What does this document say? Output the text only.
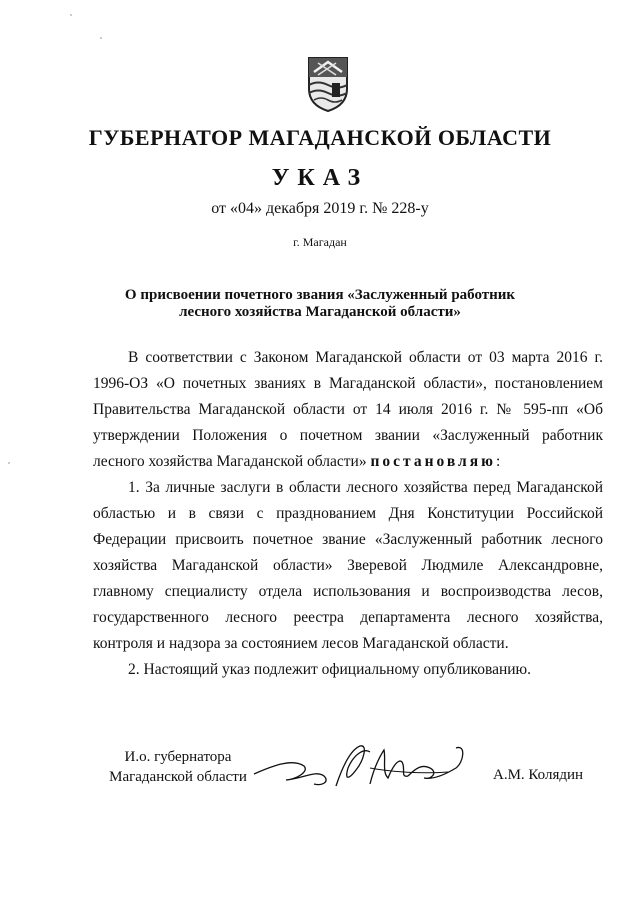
ГУБЕРНАТОР МАГАДАНСКОЙ ОБЛАСТИ
УКАЗ
от «04» декабря 2019 г. № 228-у
г. Магадан
О присвоении почетного звания «Заслуженный работник
лесного хозяйства Магаданской области»

В соответствии с Законом Магаданской области от 03 марта 2016 г. 1996-ОЗ «О почетных званиях в Магаданской области», постановлением Правительства Магаданской области от 14 июля 2016 г. № 595-пп «Об утверждении Положения о почетном звании «Заслуженный работник лесного хозяйства Магаданской области» постановляю:

1. За личные заслуги в области лесного хозяйства перед Магаданской областью и в связи с празднованием Дня Конституции Российской Федерации присвоить почетное звание «Заслуженный работник лесного хозяйства Магаданской области» Зверевой Людмиле Александровне, главному специалисту отдела использования и воспроизводства лесов, государственного лесного реестра департамента лесного хозяйства, контроля и надзора за состоянием лесов Магаданской области.

2. Настоящий указ подлежит официальному опубликованию.

И.о. губернатора
Магаданской области	А.М. Колядин
